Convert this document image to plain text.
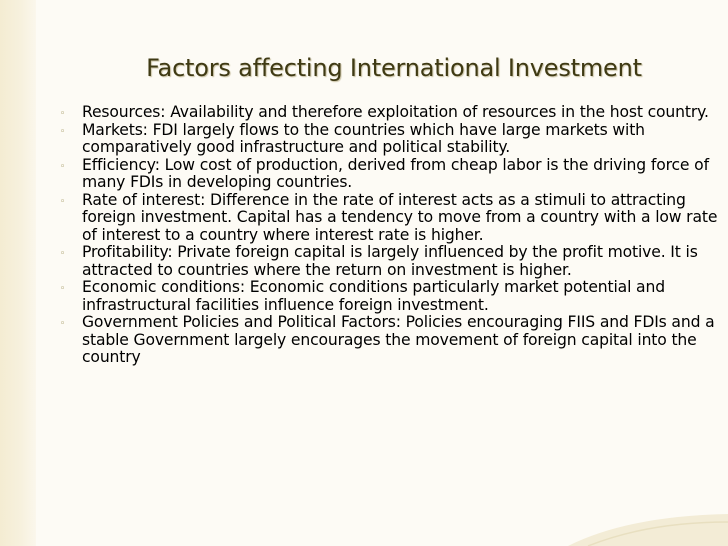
Factors affecting International Investment
◦ Resources: Availability and therefore exploitation of resources in the host country.
◦ Markets: FDI largely flows to the countries which have large markets with comparatively good infrastructure and political stability.
◦ Efficiency: Low cost of production, derived from cheap labor is the driving force of many FDIs in developing countries.
◦ Rate of interest: Difference in the rate of interest acts as a stimuli to attracting foreign investment. Capital has a tendency to move from a country with a low rate of interest to a country where interest rate is higher.
◦ Profitability: Private foreign capital is largely influenced by the profit motive. It is attracted to countries where the return on investment is higher.
◦ Economic conditions: Economic conditions particularly market potential and infrastructural facilities influence foreign investment.
◦ Government Policies and Political Factors: Policies encouraging FIIS and FDIs and a stable Government largely encourages the movement of foreign capital into the country
